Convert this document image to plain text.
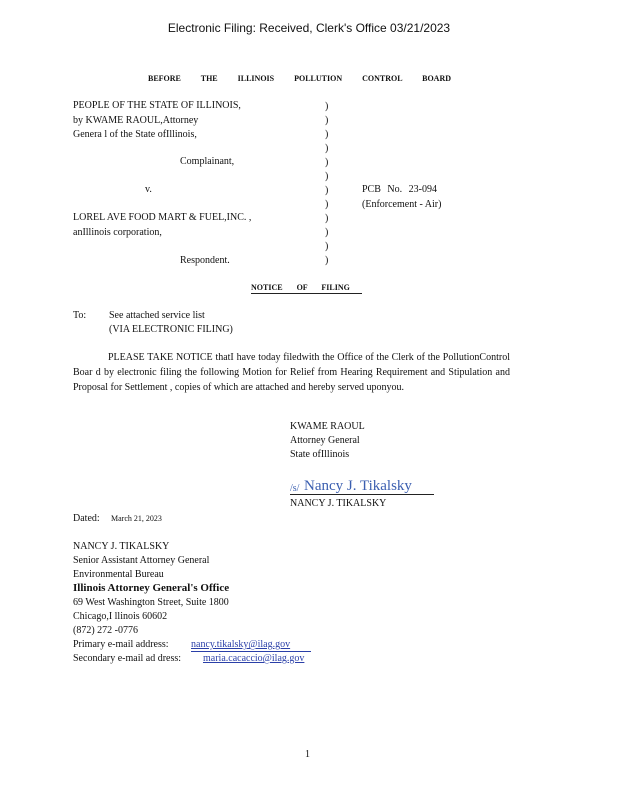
Electronic Filing: Received, Clerk's Office 03/21/2023
BEFORE THE ILLINOIS POLLUTION CONTROL BOARD
PEOPLE OF THE STATE OF ILLINOIS,
by KWAME RAOUL,Attorney
Genera l of the State ofIllinois,
Complainant,
v.
LOREL AVE FOOD MART & FUEL,INC. ,
anIllinois corporation,
Respondent.
)
)
)
)
)
)
)
)
)
)
)
)
PCB No. 23-094
(Enforcement - Air)
NOTICE OF FILING
To: See attached service list
(VIA ELECTRONIC FILING)
PLEASE TAKE NOTICE thatI have today filedwith the Office of the Clerk of the PollutionControl Boar d by electronic filing the following Motion for Relief from Hearing Requirement and Stipulation and Proposal for Settlement , copies of which are attached and hereby served uponyou.
KWAME RAOUL
Attorney General
State ofIllinois
/s/ Nancy J. Tikalsky
NANCY J. TIKALSKY
Dated: March 21, 2023
NANCY J. TIKALSKY
Senior Assistant Attorney General
Environmental Bureau
Illinois Attorney General's Office
69 West Washington Street, Suite 1800
Chicago,I llinois 60602
(872) 272 -0776
Primary e-mail address: nancy.tikalsky@ilag.gov
Secondary e-mail ad dress: maria.cacaccio@ilag.gov
1
